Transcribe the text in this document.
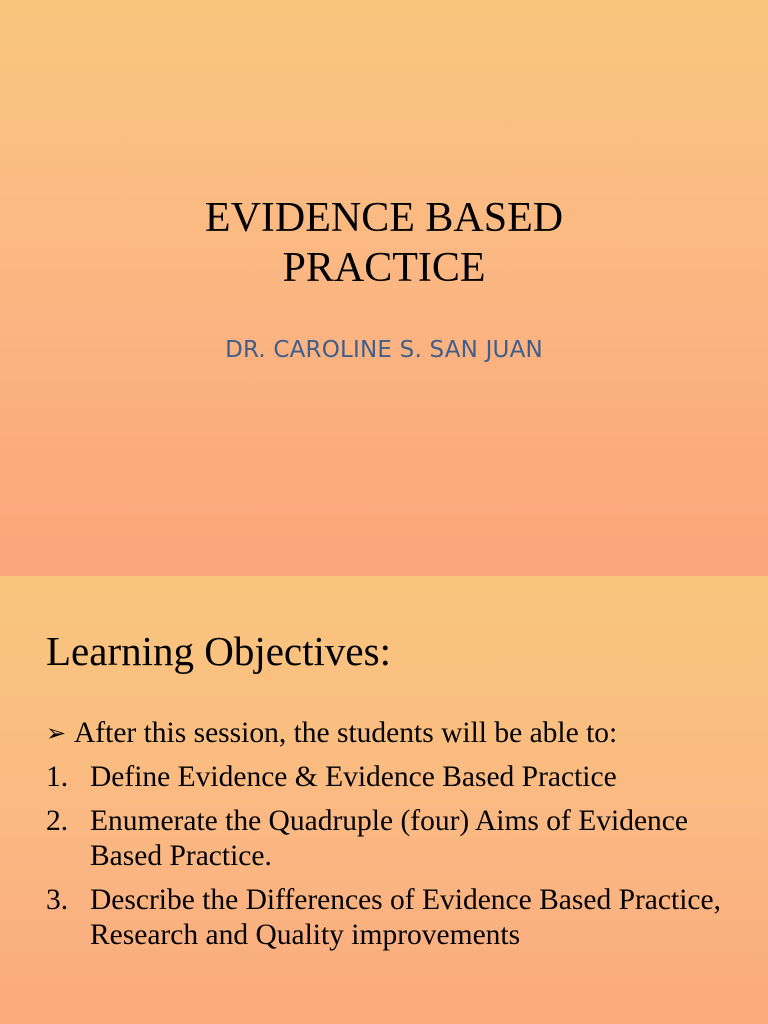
EVIDENCE BASED
PRACTICE
DR. CAROLINE S. SAN JUAN
Learning Objectives:
➢ After this session, the students will be able to:
1. Define Evidence & Evidence Based Practice
2. Enumerate the Quadruple (four) Aims of Evidence Based Practice.
3. Describe the Differences of Evidence Based Practice, Research and Quality improvements
